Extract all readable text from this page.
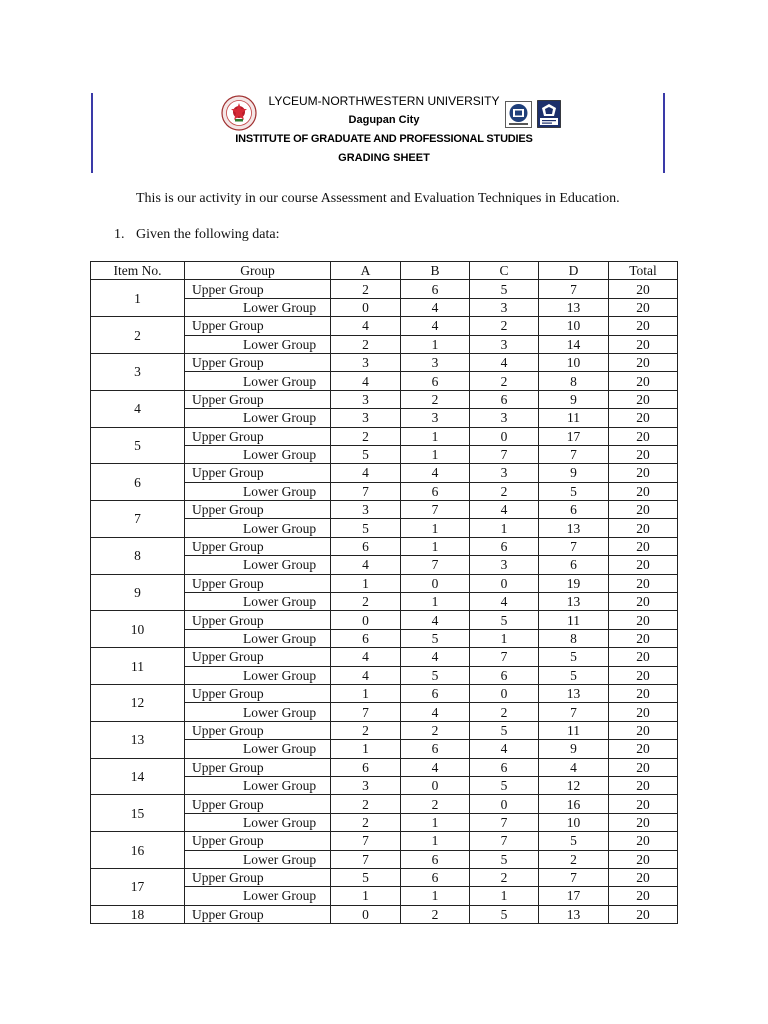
LYCEUM-NORTHWESTERN UNIVERSITY
Dagupan City
INSTITUTE OF GRADUATE AND PROFESSIONAL STUDIES
GRADING SHEET
This is our activity in our course Assessment and Evaluation Techniques in Education.
1. Given the following data:
Item No.	Group	A	B	C	D	Total
1	Upper Group	2	6	5	7	20
	Lower Group	0	4	3	13	20
2	Upper Group	4	4	2	10	20
	Lower Group	2	1	3	14	20
3	Upper Group	3	3	4	10	20
	Lower Group	4	6	2	8	20
4	Upper Group	3	2	6	9	20
	Lower Group	3	3	3	11	20
5	Upper Group	2	1	0	17	20
	Lower Group	5	1	7	7	20
6	Upper Group	4	4	3	9	20
	Lower Group	7	6	2	5	20
7	Upper Group	3	7	4	6	20
	Lower Group	5	1	1	13	20
8	Upper Group	6	1	6	7	20
	Lower Group	4	7	3	6	20
9	Upper Group	1	0	0	19	20
	Lower Group	2	1	4	13	20
10	Upper Group	0	4	5	11	20
	Lower Group	6	5	1	8	20
11	Upper Group	4	4	7	5	20
	Lower Group	4	5	6	5	20
12	Upper Group	1	6	0	13	20
	Lower Group	7	4	2	7	20
13	Upper Group	2	2	5	11	20
	Lower Group	1	6	4	9	20
14	Upper Group	6	4	6	4	20
	Lower Group	3	0	5	12	20
15	Upper Group	2	2	0	16	20
	Lower Group	2	1	7	10	20
16	Upper Group	7	1	7	5	20
	Lower Group	7	6	5	2	20
17	Upper Group	5	6	2	7	20
	Lower Group	1	1	1	17	20
18	Upper Group	0	2	5	13	20
